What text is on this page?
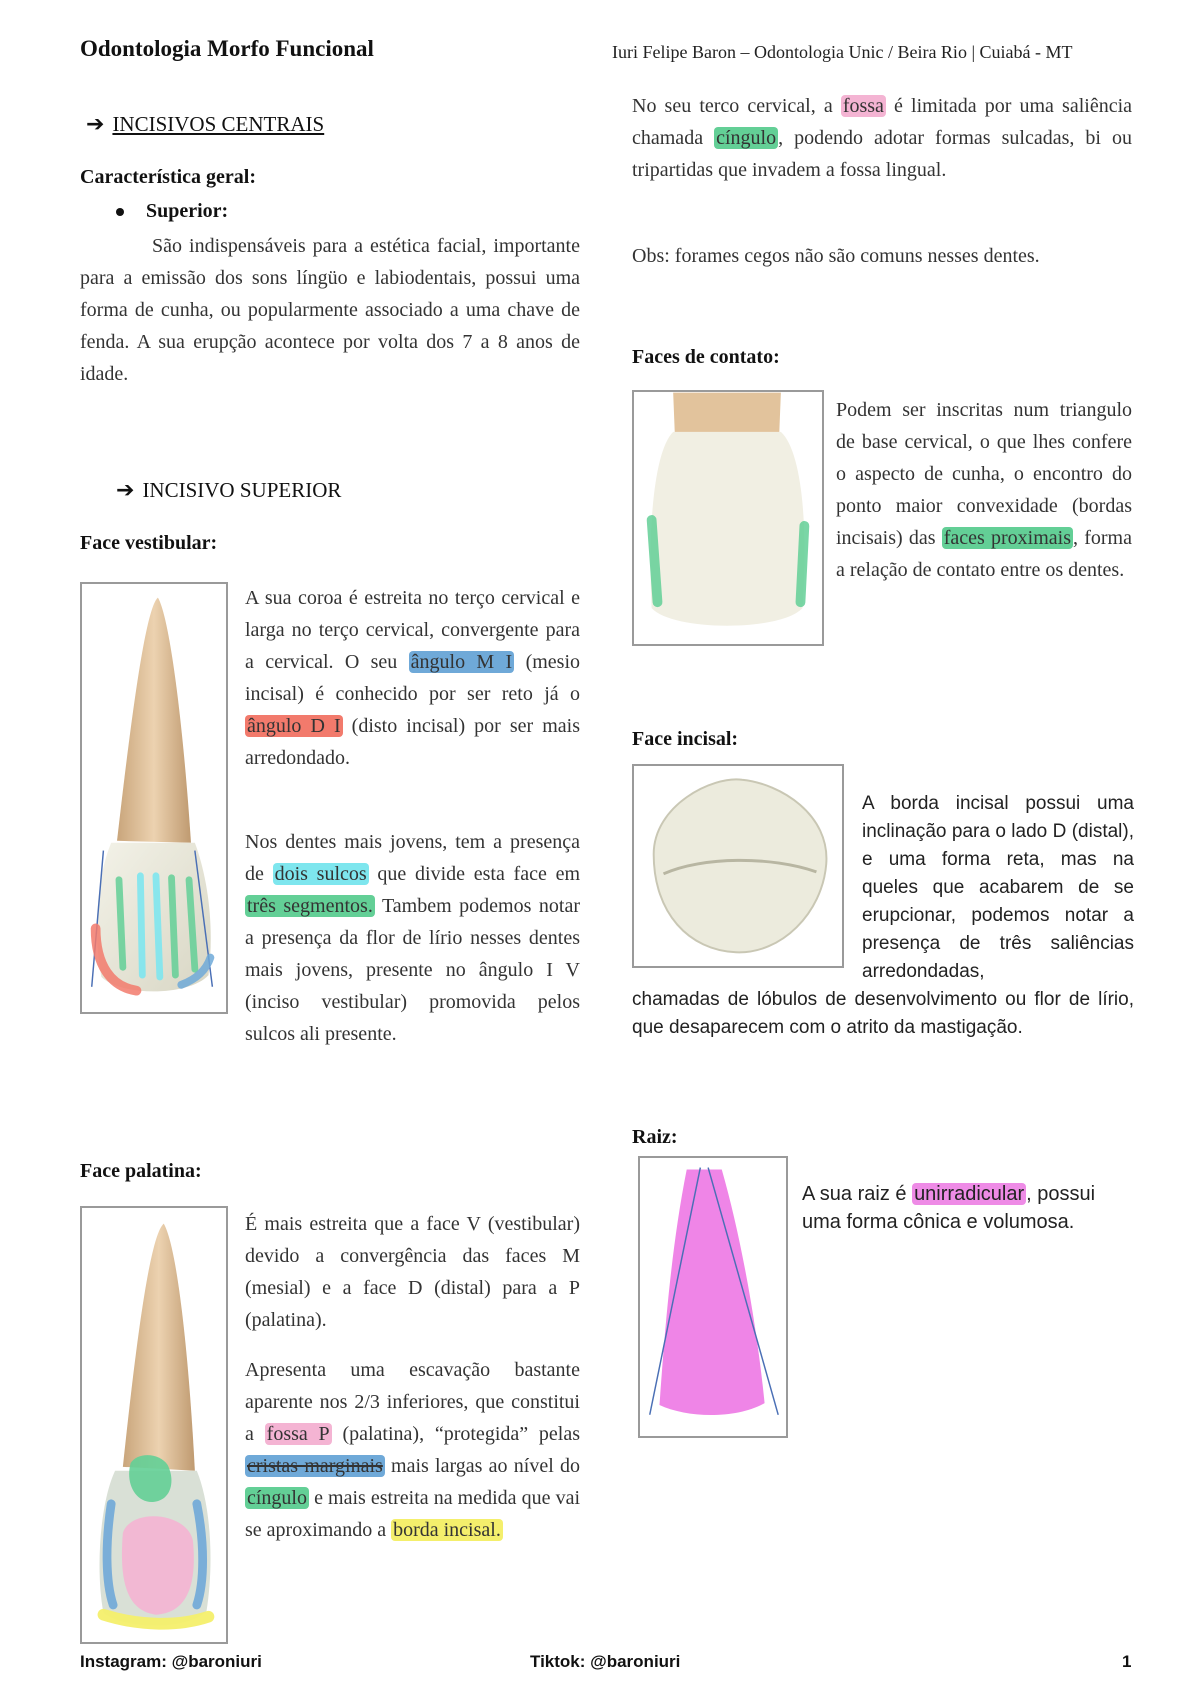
Odontologia Morfo Funcional	Iuri Felipe Baron – Odontologia Unic / Beira Rio | Cuiabá - MT
➔ INCISIVOS CENTRAIS
Característica geral:
Superior:
São indispensáveis para a estética facial, importante para a emissão dos sons língüo e labiodentais, possui uma forma de cunha, ou popularmente associado a uma chave de fenda. A sua erupção acontece por volta dos 7 a 8 anos de idade.
➔ INCISIVO SUPERIOR
Face vestibular:
A sua coroa é estreita no terço cervical e larga no terço cervical, convergente para a cervical. O seu ângulo M I (mesio incisal) é conhecido por ser reto já o ângulo D I (disto incisal) por ser mais arredondado.
Nos dentes mais jovens, tem a presença de dois sulcos que divide esta face em três segmentos. Tambem podemos notar a presença da flor de lírio nesses dentes mais jovens, presente no ângulo I V (inciso vestibular) promovida pelos sulcos ali presente.
Face palatina:
É mais estreita que a face V (vestibular) devido a convergência das faces M (mesial) e a face D (distal) para a P (palatina).
Apresenta uma escavação bastante aparente nos 2/3 inferiores, que constitui a fossa P (palatina), “protegida” pelas cristas marginais mais largas ao nível do cíngulo e mais estreita na medida que vai se aproximando a borda incisal.
No seu terco cervical, a fossa é limitada por uma saliência chamada cíngulo , podendo adotar formas sulcadas, bi ou tripartidas que invadem a fossa lingual.
Obs: forames cegos não são comuns nesses dentes.
Faces de contato:
Podem ser inscritas num triangulo de base cervical, o que lhes confere o aspecto de cunha, o encontro do ponto maior convexidade (bordas incisais) das faces proximais , forma a relação de contato entre os dentes.
Face incisal:
A borda incisal possui uma inclinação para o lado D (distal), e uma forma reta, mas na queles que acabarem de se erupcionar, podemos notar a presença de três saliências arredondadas,
chamadas de lóbulos de desenvolvimento ou flor de lírio, que desaparecem com o atrito da mastigação.
Raiz:
A sua raiz é unirradicular , possui uma forma cônica e volumosa.
Instagram: @baroniuri	Tiktok: @baroniuri	1
